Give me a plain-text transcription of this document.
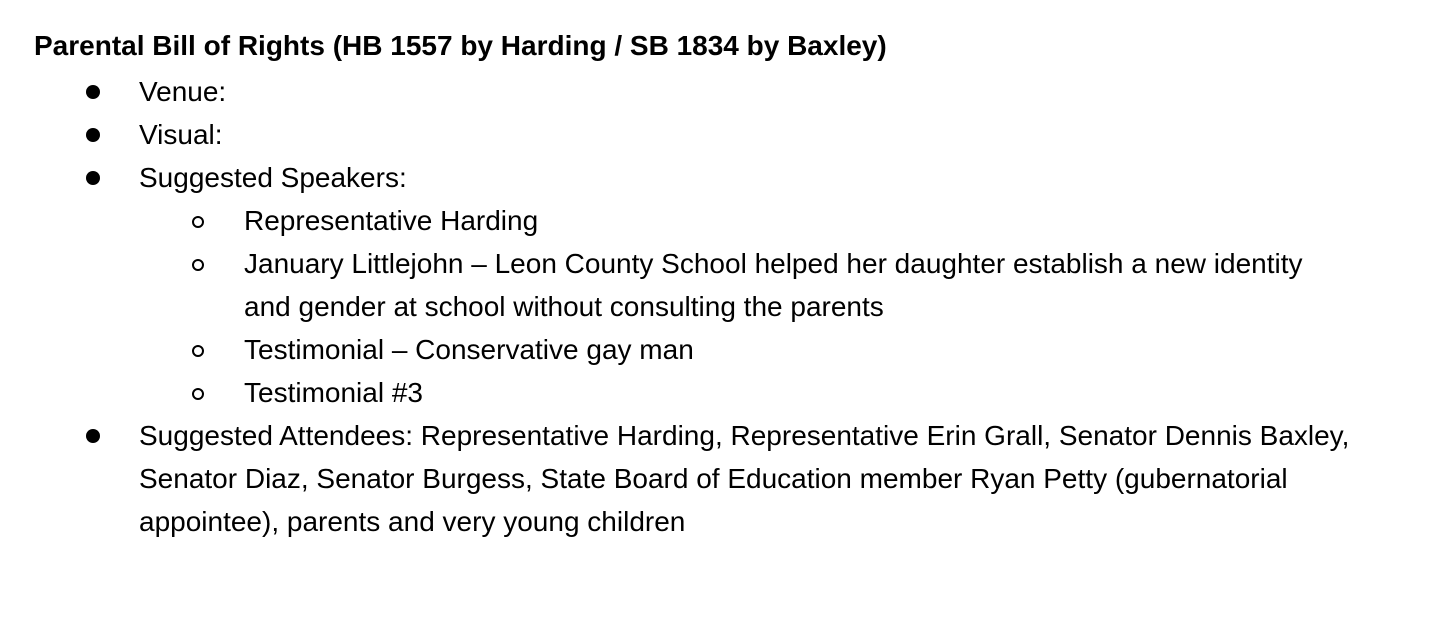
Parental Bill of Rights (HB 1557 by Harding / SB 1834 by Baxley)
Venue:
Visual:
Suggested Speakers:
Representative Harding
January Littlejohn – Leon County School helped her daughter establish a new identity and gender at school without consulting the parents
Testimonial – Conservative gay man
Testimonial #3
Suggested Attendees: Representative Harding, Representative Erin Grall, Senator Dennis Baxley, Senator Diaz, Senator Burgess, State Board of Education member Ryan Petty (gubernatorial appointee), parents and very young children
